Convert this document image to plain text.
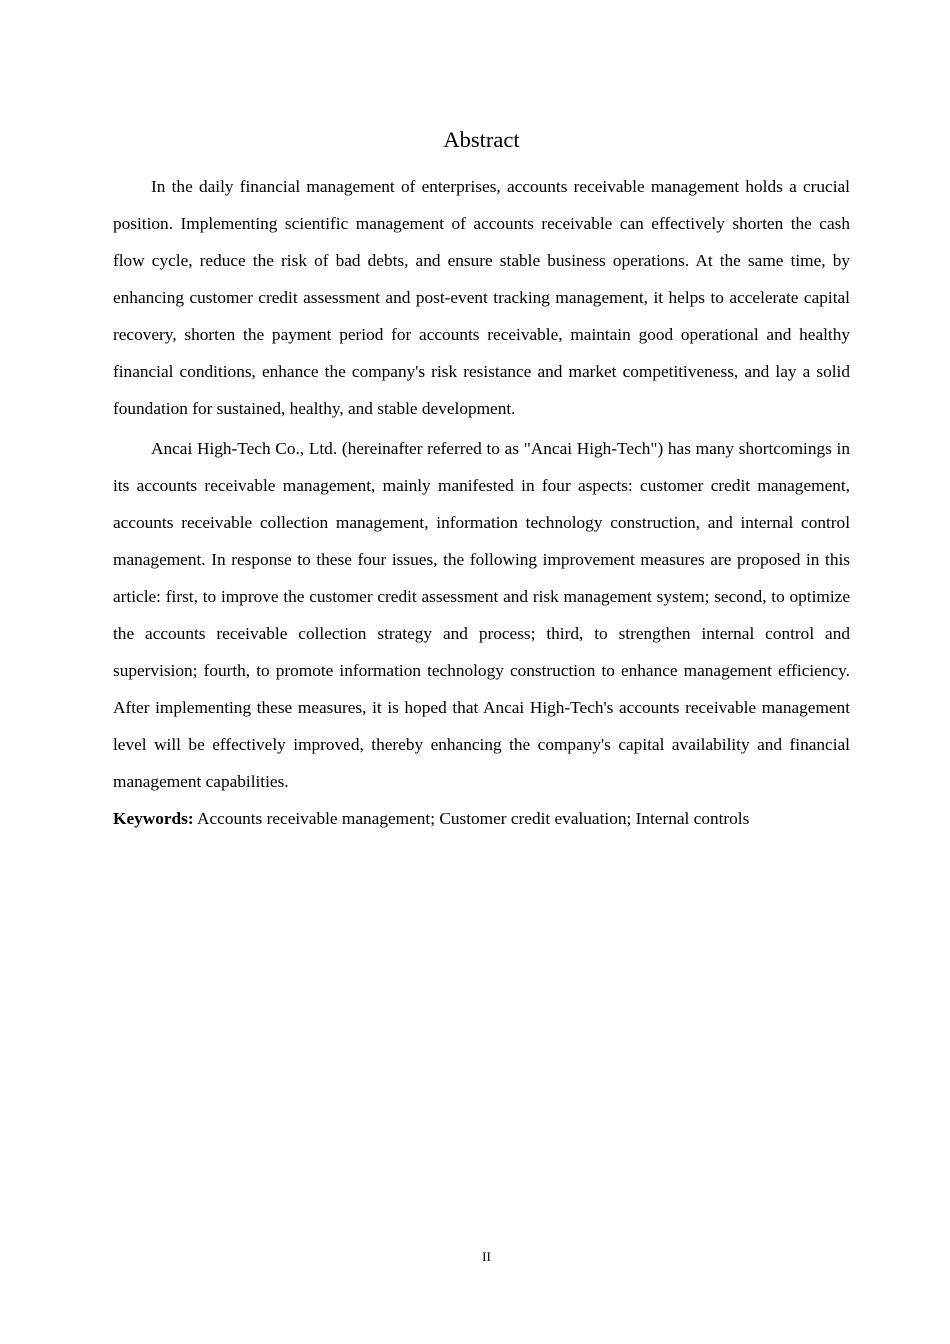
Abstract

In the daily financial management of enterprises, accounts receivable management holds a crucial position. Implementing scientific management of accounts receivable can effectively shorten the cash flow cycle, reduce the risk of bad debts, and ensure stable business operations. At the same time, by enhancing customer credit assessment and post-event tracking management, it helps to accelerate capital recovery, shorten the payment period for accounts receivable, maintain good operational and healthy financial conditions, enhance the company's risk resistance and market competitiveness, and lay a solid foundation for sustained, healthy, and stable development.

Ancai High-Tech Co., Ltd. (hereinafter referred to as "Ancai High-Tech") has many shortcomings in its accounts receivable management, mainly manifested in four aspects: customer credit management, accounts receivable collection management, information technology construction, and internal control management. In response to these four issues, the following improvement measures are proposed in this article: first, to improve the customer credit assessment and risk management system; second, to optimize the accounts receivable collection strategy and process; third, to strengthen internal control and supervision; fourth, to promote information technology construction to enhance management efficiency. After implementing these measures, it is hoped that Ancai High-Tech's accounts receivable management level will be effectively improved, thereby enhancing the company's capital availability and financial management capabilities.

Keywords: Accounts receivable management; Customer credit evaluation; Internal controls

II
